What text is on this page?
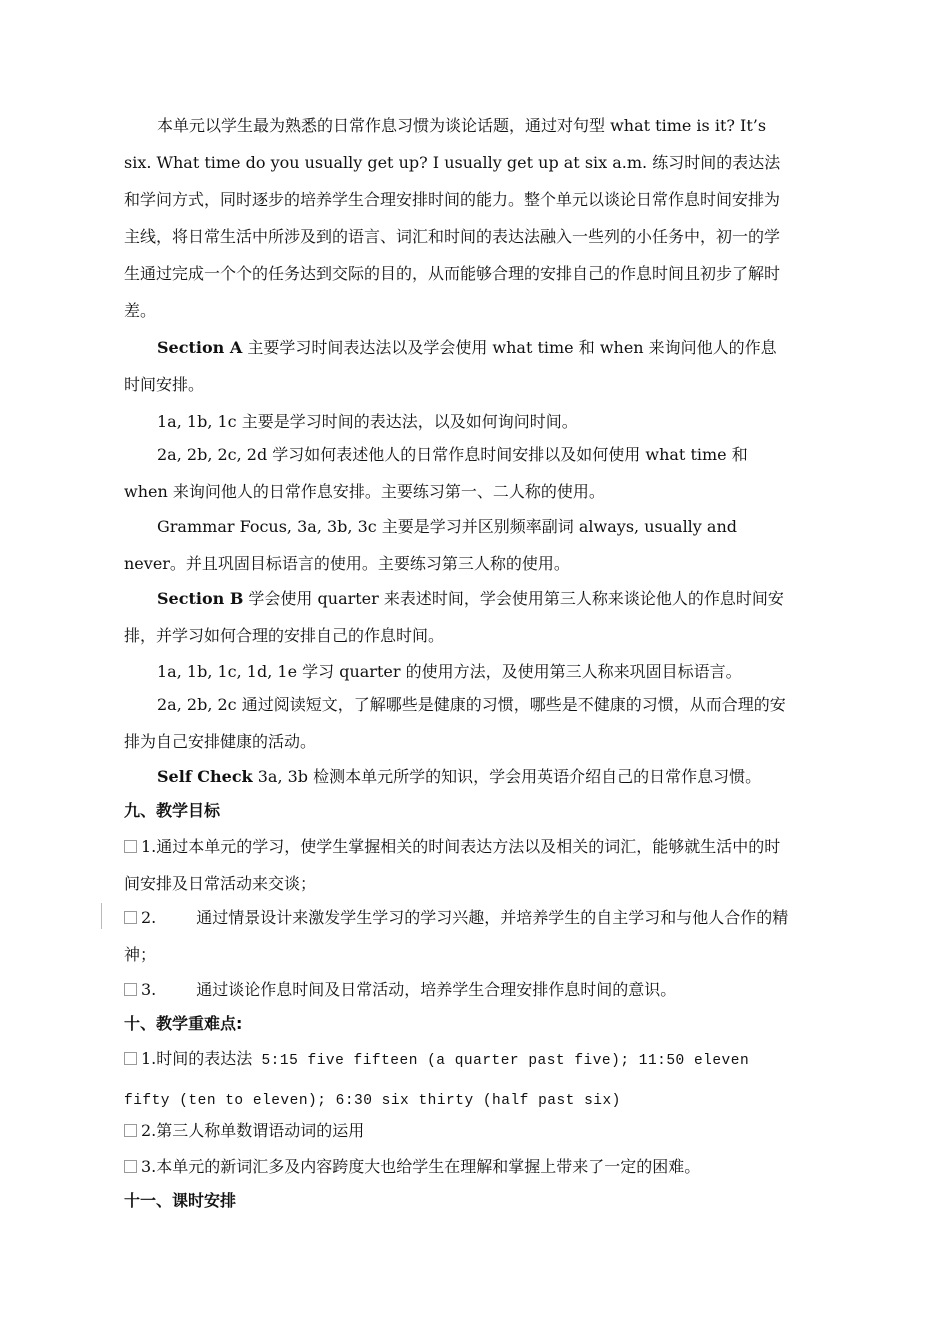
本单元以学生最为熟悉的日常作息习惯为谈论话题，通过对句型 what time is it? It’s six. What time do you usually get up? I usually get up at six a.m. 练习时间的表达法和学问方式，同时逐步的培养学生合理安排时间的能力。整个单元以谈论日常作息时间安排为主线，将日常生活中所涉及到的语言、词汇和时间的表达法融入一些列的小任务中，初一的学生通过完成一个个的任务达到交际的目的，从而能够合理的安排自己的作息时间且初步了解时差。

Section A 主要学习时间表达法以及学会使用 what time 和 when 来询问他人的作息时间安排。

1a, 1b, 1c 主要是学习时间的表达法，以及如何询问时间。

2a, 2b, 2c, 2d 学习如何表述他人的日常作息时间安排以及如何使用 what time 和 when 来询问他人的日常作息安排。主要练习第一、二人称的使用。

Grammar Focus, 3a, 3b, 3c 主要是学习并区别频率副词 always, usually and never。并且巩固目标语言的使用。主要练习第三人称的使用。

Section B 学会使用 quarter 来表述时间，学会使用第三人称来谈论他人的作息时间安排，并学习如何合理的安排自己的作息时间。

1a, 1b, 1c, 1d, 1e 学习 quarter 的使用方法，及使用第三人称来巩固目标语言。

2a, 2b, 2c 通过阅读短文，了解哪些是健康的习惯，哪些是不健康的习惯，从而合理的安排为自己安排健康的活动。

Self Check 3a, 3b 检测本单元所学的知识，学会用英语介绍自己的日常作息习惯。

九、教学目标

1.通过本单元的学习，使学生掌握相关的时间表达方法以及相关的词汇，能够就生活中的时间安排及日常活动来交谈；

2.	通过情景设计来激发学生学习的学习兴趣，并培养学生的自主学习和与他人合作的精神；

3.	通过谈论作息时间及日常活动，培养学生合理安排作息时间的意识。

十、教学重难点:

1.时间的表达法 5:15 five fifteen (a quarter past five); 11:50 eleven fifty (ten to eleven); 6:30 six thirty (half past six)

2.第三人称单数谓语动词的运用

3.本单元的新词汇多及内容跨度大也给学生在理解和掌握上带来了一定的困难。

十一、课时安排
